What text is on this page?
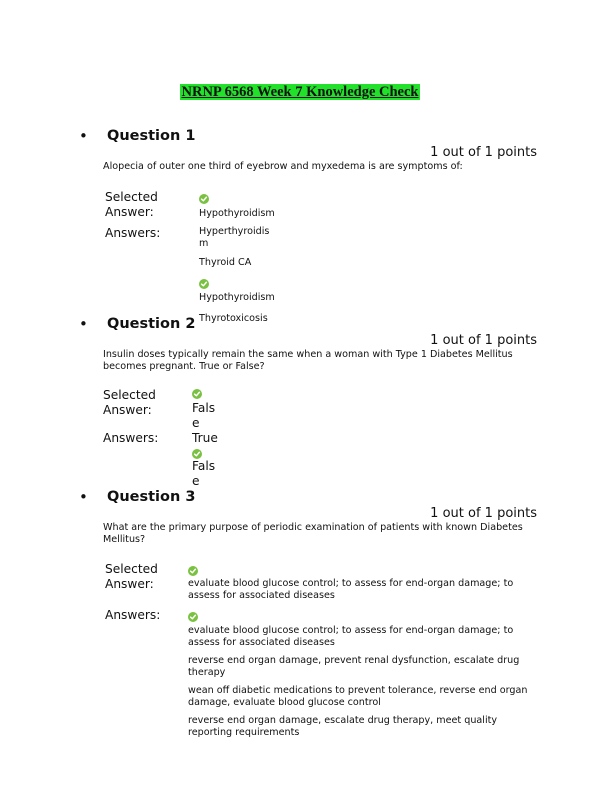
NRNP 6568 Week 7 Knowledge Check
• Question 1
1 out of 1 points
Alopecia of outer one third of eyebrow and myxedema is are symptoms of:
Selected Answer:	Hypothyroidism
Answers:	Hyperthyroidism
Thyroid CA
Hypothyroidism
Thyrotoxicosis
• Question 2
1 out of 1 points
Insulin doses typically remain the same when a woman with Type 1 Diabetes Mellitus becomes pregnant. True or False?
Selected Answer:	False
Answers:	True
False
• Question 3
1 out of 1 points
What are the primary purpose of periodic examination of patients with known Diabetes Mellitus?
Selected Answer:	evaluate blood glucose control; to assess for end-organ damage; to assess for associated diseases
Answers:
evaluate blood glucose control; to assess for end-organ damage; to assess for associated diseases
reverse end organ damage, prevent renal dysfunction, escalate drug therapy
wean off diabetic medications to prevent tolerance, reverse end organ damage, evaluate blood glucose control
reverse end organ damage, escalate drug therapy, meet quality reporting requirements
